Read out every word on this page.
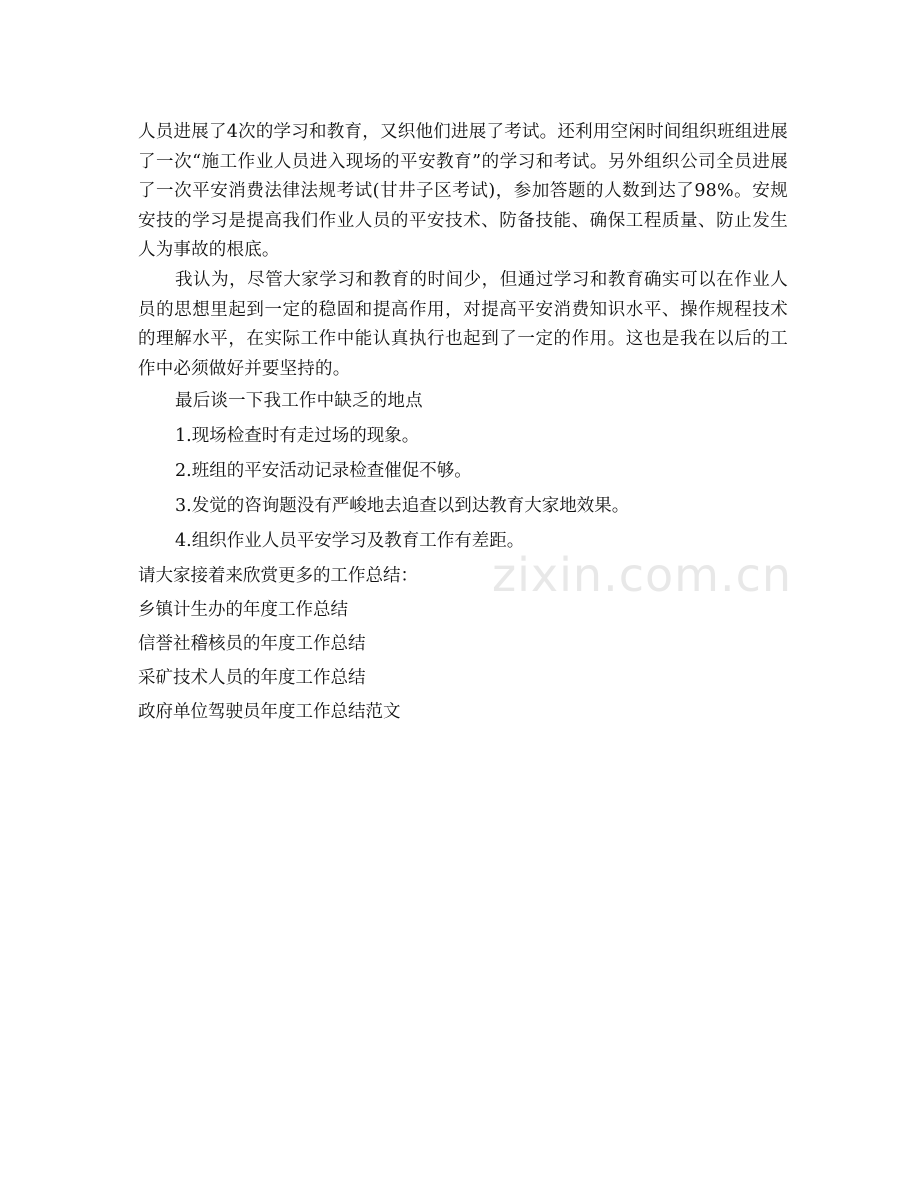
人员进展了4次的学习和教育，又织他们进展了考试。还利用空闲时间组织班组进展了一次“施工作业人员进入现场的平安教育”的学习和考试。另外组织公司全员进展了一次平安消费法律法规考试(甘井子区考试)，参加答题的人数到达了98%。安规安技的学习是提高我们作业人员的平安技术、防备技能、确保工程质量、防止发生人为事故的根底。

我认为，尽管大家学习和教育的时间少，但通过学习和教育确实可以在作业人员的思想里起到一定的稳固和提高作用，对提高平安消费知识水平、操作规程技术的理解水平，在实际工作中能认真执行也起到了一定的作用。这也是我在以后的工作中必须做好并要坚持的。

最后谈一下我工作中缺乏的地点

1.现场检查时有走过场的现象。

2.班组的平安活动记录检查催促不够。

3.发觉的咨询题没有严峻地去追查以到达教育大家地效果。

4.组织作业人员平安学习及教育工作有差距。

请大家接着来欣赏更多的工作总结：
乡镇计生办的年度工作总结
信誉社稽核员的年度工作总结
采矿技术人员的年度工作总结
政府单位驾驶员年度工作总结范文
zixin.com.cn
